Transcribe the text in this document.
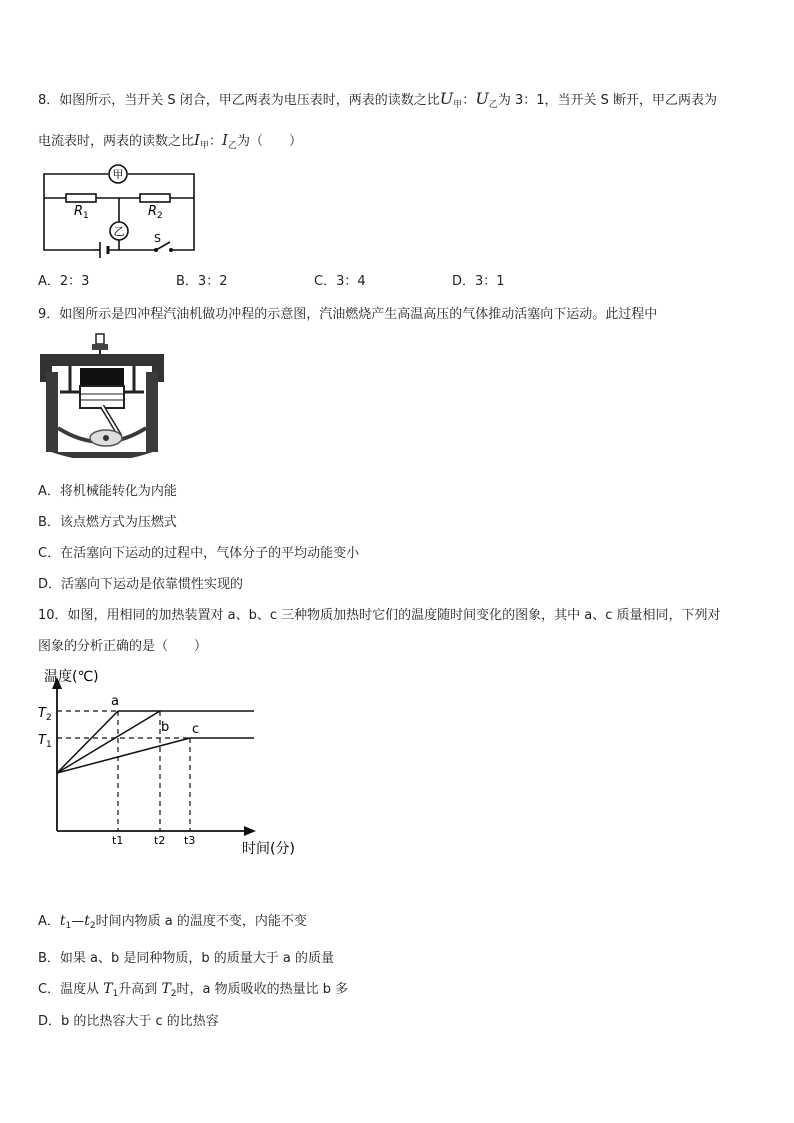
8．如图所示，当开关 S 闭合，甲乙两表为电压表时，两表的读数之比$U_甲$：$U_乙$为 3：1，当开关 S 断开，甲乙两表为
电流表时，两表的读数之比$I_甲$：$I_乙$为（　　）
甲
乙
$R_1$	$R_2$
S
A．2：3	B．3：2	C．3：4	D．3：1
9．如图所示是四冲程汽油机做功冲程的示意图，汽油燃烧产生高温高压的气体推动活塞向下运动。此过程中
A．将机械能转化为内能
B．该点燃方式为压燃式
C．在活塞向下运动的过程中，气体分子的平均动能变小
D．活塞向下运动是依靠惯性实现的
10．如图，用相同的加热装置对 a、b、c 三种物质加热时它们的温度随时间变化的图象，其中 a、c 质量相同，下列对
图象的分析正确的是（　　）
温度(℃)
时间(分)
$T_2$
$T_1$
a
b c
t1	t2 t3
A．$t_1—t_2$时间内物质 a 的温度不变，内能不变
B．如果 a、b 是同种物质，b 的质量大于 a 的质量
C．温度从 $T_1$升高到 $T_2$时，a 物质吸收的热量比 b 多
D．b 的比热容大于 c 的比热容
